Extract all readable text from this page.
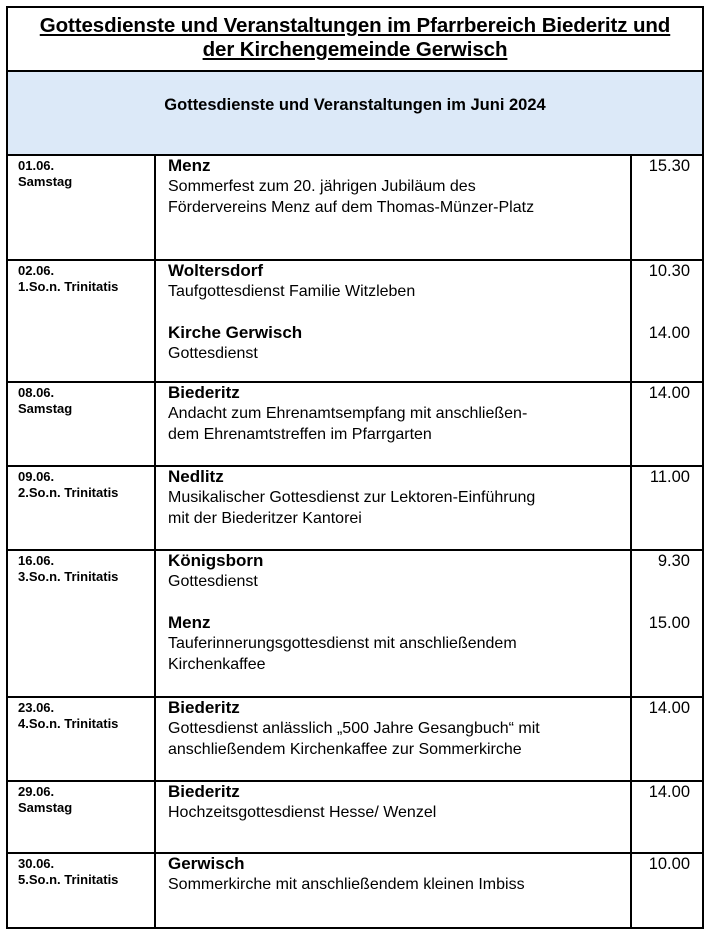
Gottesdienste und Veranstaltungen im Pfarrbereich Biederitz und
der Kirchengemeinde Gerwisch
Gottesdienste und Veranstaltungen im Juni 2024
01.06.
Samstag
Menz
Sommerfest zum 20. jährigen Jubiläum des
Fördervereins Menz auf dem Thomas-Münzer-Platz
15.30
02.06.
1.So.n. Trinitatis
Woltersdorf
Taufgottesdienst Familie Witzleben
Kirche Gerwisch
Gottesdienst
10.30
14.00
08.06.
Samstag
Biederitz
Andacht zum Ehrenamtsempfang mit anschließen-
dem Ehrenamtstreffen im Pfarrgarten
14.00
09.06.
2.So.n. Trinitatis
Nedlitz
Musikalischer Gottesdienst zur Lektoren-Einführung
mit der Biederitzer Kantorei
11.00
16.06.
3.So.n. Trinitatis
Königsborn
Gottesdienst
Menz
Tauferinnerungsgottesdienst mit anschließendem
Kirchenkaffee
9.30
15.00
23.06.
4.So.n. Trinitatis
Biederitz
Gottesdienst anlässlich „500 Jahre Gesangbuch“ mit
anschließendem Kirchenkaffee zur Sommerkirche
14.00
29.06.
Samstag
Biederitz
Hochzeitsgottesdienst Hesse/ Wenzel
14.00
30.06.
5.So.n. Trinitatis
Gerwisch
Sommerkirche mit anschließendem kleinen Imbiss
10.00
